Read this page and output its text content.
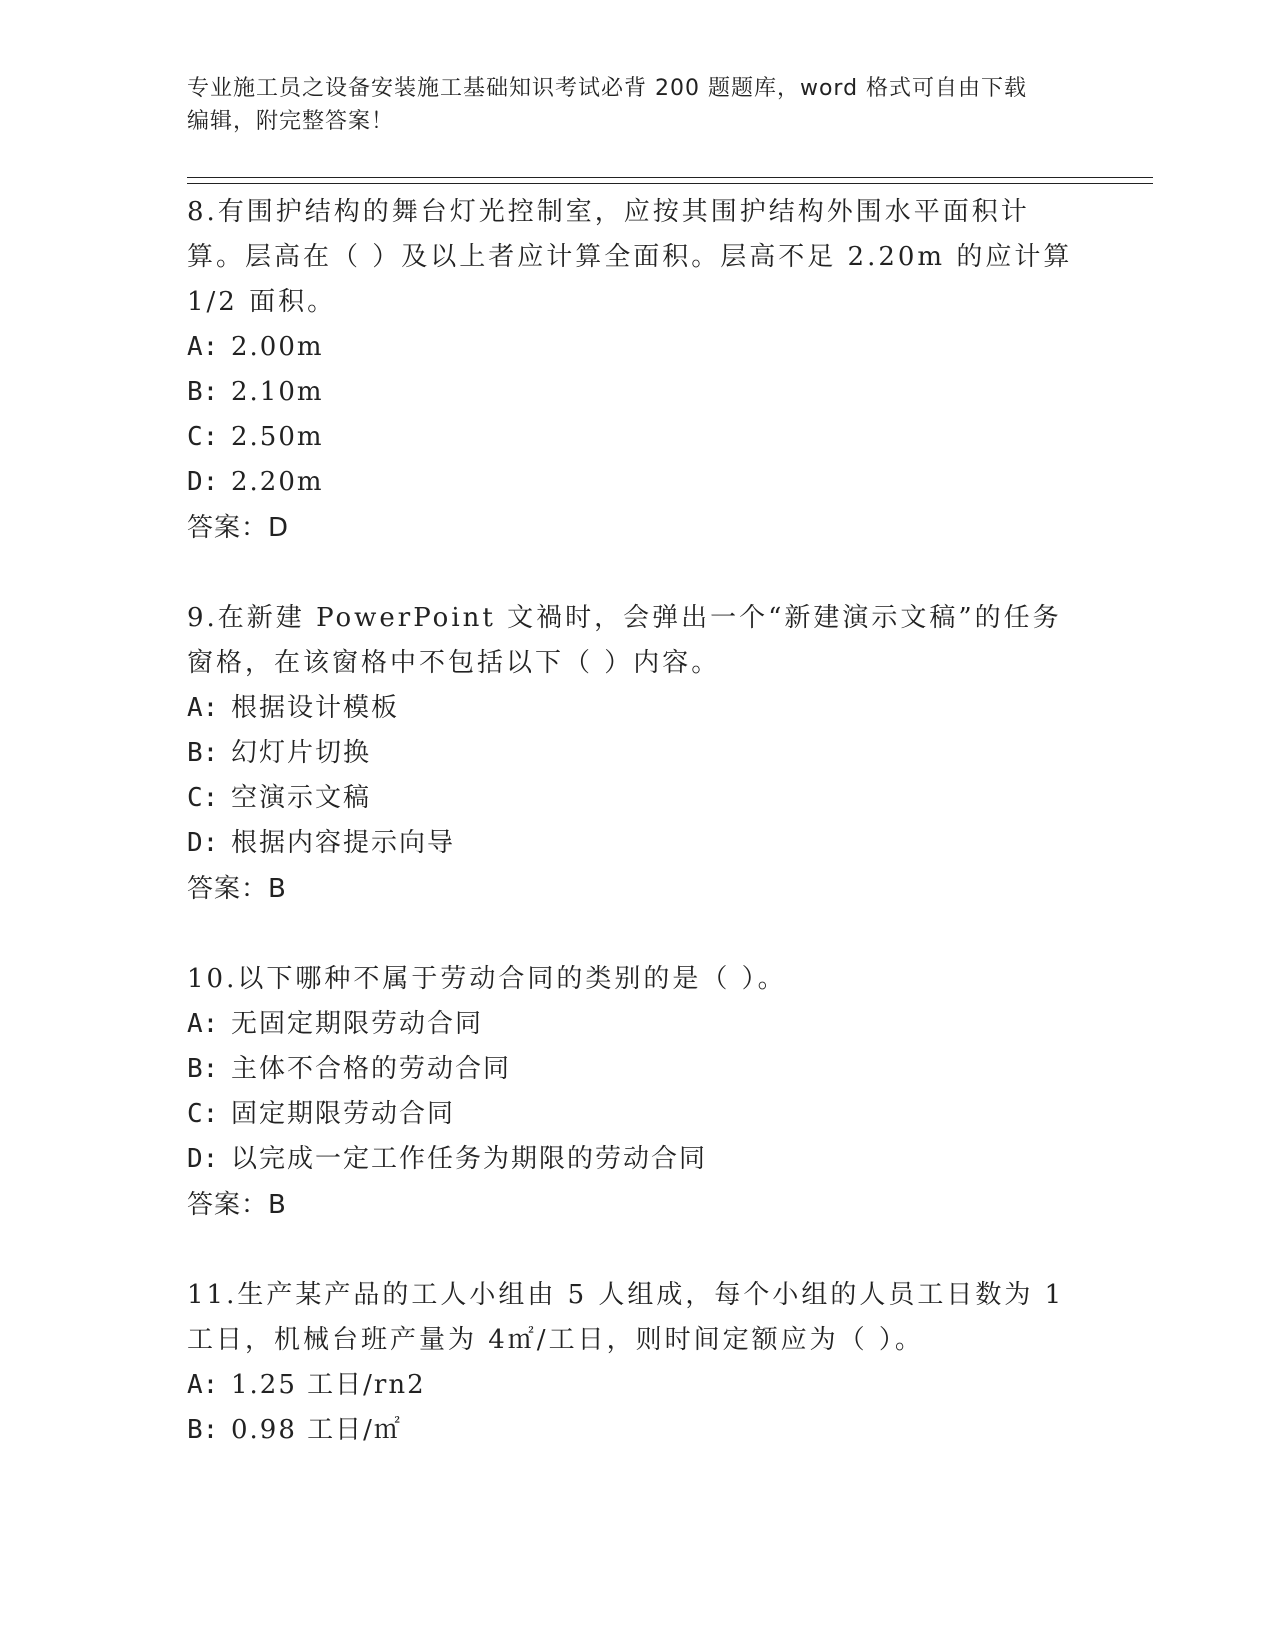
专业施工员之设备安装施工基础知识考试必背 200 题题库，word 格式可自由下载
编辑，附完整答案！

8.有围护结构的舞台灯光控制室，应按其围护结构外围水平面积计算。层高在（ ）及以上者应计算全面积。层高不足 2.20m 的应计算 1/2 面积。

A: 2.00m

B: 2.10m

C: 2.50m

D: 2.20m

答案：D

9.在新建 PowerPoint 文禍时，会弹出一个“新建演示文稿”的任务窗格，在该窗格中不包括以下（ ）内容。

A: 根据设计模板

B: 幻灯片切换

C: 空演示文稿

D: 根据内容提示向导

答案：B

10.以下哪种不属于劳动合同的类别的是（ ）。

A: 无固定期限劳动合同

B: 主体不合格的劳动合同

C: 固定期限劳动合同

D: 以完成一定工作任务为期限的劳动合同

答案：B

11.生产某产品的工人小组由 5 人组成，每个小组的人员工日数为 1 工日，机械台班产量为 4㎡/工日，则时间定额应为（ ）。

A: 1.25 工日/rn2

B: 0.98 工日/㎡
